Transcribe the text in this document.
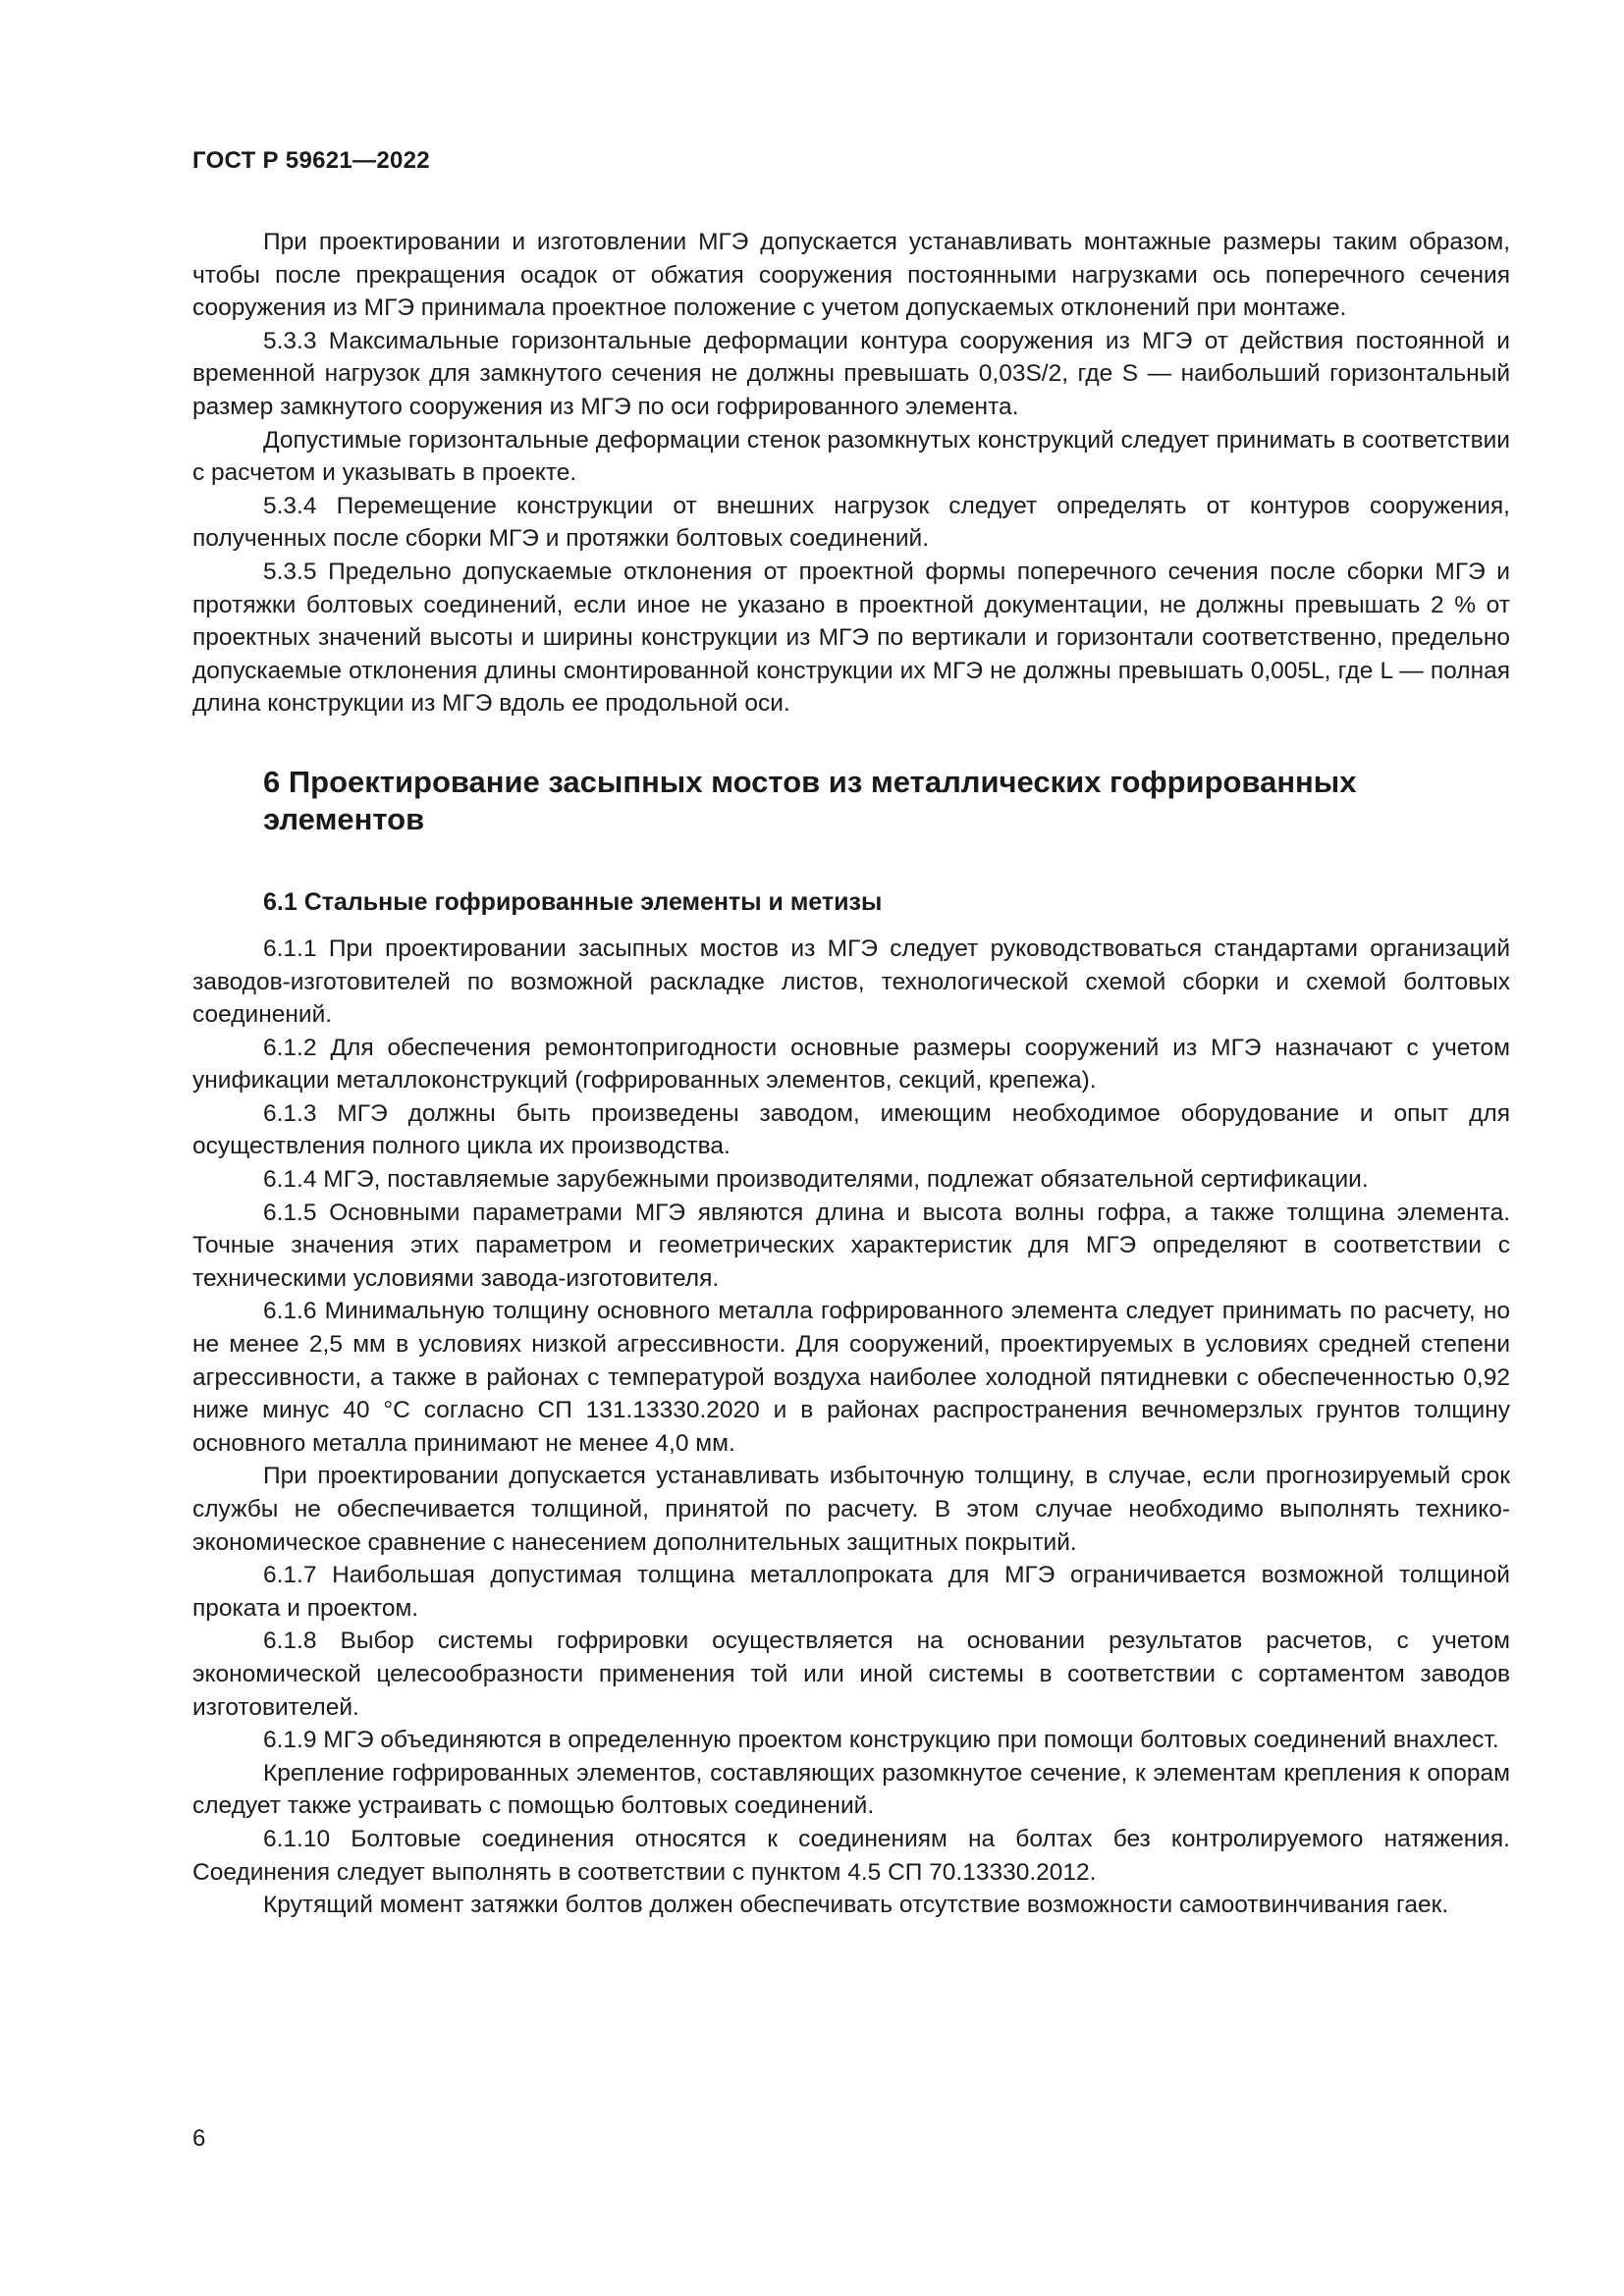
ГОСТ Р 59621—2022

При проектировании и изготовлении МГЭ допускается устанавливать монтажные размеры таким образом, чтобы после прекращения осадок от обжатия сооружения постоянными нагрузками ось поперечного сечения сооружения из МГЭ принимала проектное положение с учетом допускаемых отклонений при монтаже.

5.3.3 Максимальные горизонтальные деформации контура сооружения из МГЭ от действия постоянной и временной нагрузок для замкнутого сечения не должны превышать 0,03S/2, где S — наибольший горизонтальный размер замкнутого сооружения из МГЭ по оси гофрированного элемента.

Допустимые горизонтальные деформации стенок разомкнутых конструкций следует принимать в соответствии с расчетом и указывать в проекте.

5.3.4 Перемещение конструкции от внешних нагрузок следует определять от контуров сооружения, полученных после сборки МГЭ и протяжки болтовых соединений.

5.3.5 Предельно допускаемые отклонения от проектной формы поперечного сечения после сборки МГЭ и протяжки болтовых соединений, если иное не указано в проектной документации, не должны превышать 2 % от проектных значений высоты и ширины конструкции из МГЭ по вертикали и горизонтали соответственно, предельно допускаемые отклонения длины смонтированной конструкции их МГЭ не должны превышать 0,005L, где L — полная длина конструкции из МГЭ вдоль ее продольной оси.

6 Проектирование засыпных мостов из металлических гофрированных элементов
6.1 Стальные гофрированные элементы и метизы

6.1.1 При проектировании засыпных мостов из МГЭ следует руководствоваться стандартами организаций заводов-изготовителей по возможной раскладке листов, технологической схемой сборки и схемой болтовых соединений.

6.1.2 Для обеспечения ремонтопригодности основные размеры сооружений из МГЭ назначают с учетом унификации металлоконструкций (гофрированных элементов, секций, крепежа).

6.1.3 МГЭ должны быть произведены заводом, имеющим необходимое оборудование и опыт для осуществления полного цикла их производства.

6.1.4 МГЭ, поставляемые зарубежными производителями, подлежат обязательной сертификации.

6.1.5 Основными параметрами МГЭ являются длина и высота волны гофра, а также толщина элемента. Точные значения этих параметром и геометрических характеристик для МГЭ определяют в соответствии с техническими условиями завода-изготовителя.

6.1.6 Минимальную толщину основного металла гофрированного элемента следует принимать по расчету, но не менее 2,5 мм в условиях низкой агрессивности. Для сооружений, проектируемых в условиях средней степени агрессивности, а также в районах с температурой воздуха наиболее холодной пятидневки с обеспеченностью 0,92 ниже минус 40 °С согласно СП 131.13330.2020 и в районах распространения вечномерзлых грунтов толщину основного металла принимают не менее 4,0 мм.

При проектировании допускается устанавливать избыточную толщину, в случае, если прогнозируемый срок службы не обеспечивается толщиной, принятой по расчету. В этом случае необходимо выполнять технико-экономическое сравнение с нанесением дополнительных защитных покрытий.

6.1.7 Наибольшая допустимая толщина металлопроката для МГЭ ограничивается возможной толщиной проката и проектом.

6.1.8 Выбор системы гофрировки осуществляется на основании результатов расчетов, с учетом экономической целесообразности применения той или иной системы в соответствии с сортаментом заводов изготовителей.

6.1.9 МГЭ объединяются в определенную проектом конструкцию при помощи болтовых соединений внахлест.

Крепление гофрированных элементов, составляющих разомкнутое сечение, к элементам крепления к опорам следует также устраивать с помощью болтовых соединений.

6.1.10 Болтовые соединения относятся к соединениям на болтах без контролируемого натяжения. Соединения следует выполнять в соответствии с пунктом 4.5 СП 70.13330.2012.

Крутящий момент затяжки болтов должен обеспечивать отсутствие возможности самоотвинчивания гаек.

6
